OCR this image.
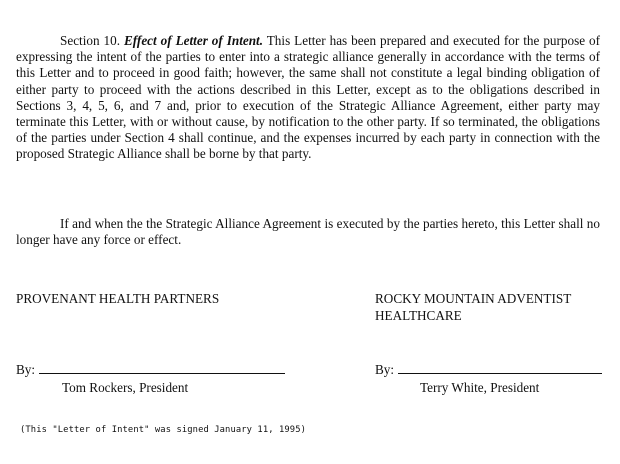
Section 10. Effect of Letter of Intent. This Letter has been prepared and executed for the purpose of expressing the intent of the parties to enter into a strategic alliance generally in accordance with the terms of this Letter and to proceed in good faith; however, the same shall not constitute a legal binding obligation of either party to proceed with the actions described in this Letter, except as to the obligations described in Sections 3, 4, 5, 6, and 7 and, prior to execution of the Strategic Alliance Agreement, either party may terminate this Letter, with or without cause, by notification to the other party. If so terminated, the obligations of the parties under Section 4 shall continue, and the expenses incurred by each party in connection with the proposed Strategic Alliance shall be borne by that party.

If and when the the Strategic Alliance Agreement is executed by the parties hereto, this Letter shall no longer have any force or effect.

PROVENANT HEALTH PARTNERS	ROCKY MOUNTAIN ADVENTIST HEALTHCARE
By:	By:
Tom Rockers, President	Terry White, President
(This "Letter of Intent" was signed January 11, 1995)
